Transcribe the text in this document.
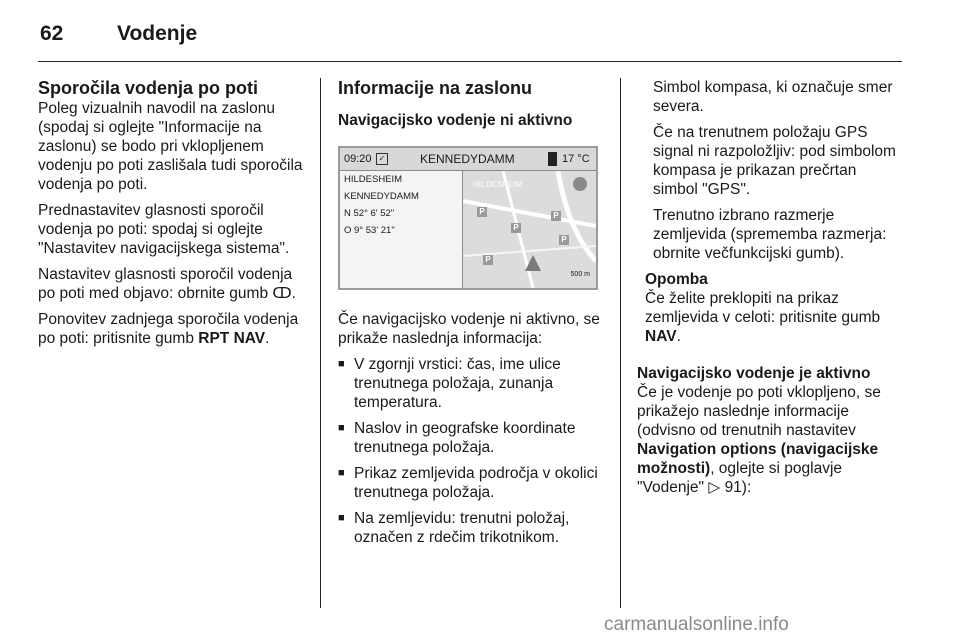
62	Vodenje
Sporočila vodenja po poti

Poleg vizualnih navodil na zaslonu (spodaj si oglejte "Informacije na zaslonu) se bodo pri vklopljenem vodenju po poti zaslišala tudi sporočila vodenja po poti.

Prednastavitev glasnosti sporočil vodenja po poti: spodaj si oglejte "Nastavitev navigacijskega sistema".

Nastavitev glasnosti sporočil vodenja po poti med objavo: obrnite gumb ↀ.

Ponovitev zadnjega sporočila vodenja po poti: pritisnite gumb RPT NAV.

Informacije na zaslonu
Navigacijsko vodenje ni aktivno
09:20 ✓	KENNEDYDAMM	17 °C
HILDESHEIM
KENNEDYDAMM
N 52° 6' 52"
O 9° 53' 21"
HILDESHEIM
P
P
P
P
P
500 m

Če navigacijsko vodenje ni aktivno, se prikaže naslednja informacija:

■ V zgornji vrstici: čas, ime ulice trenutnega položaja, zunanja temperatura.
■ Naslov in geografske koordinate trenutnega položaja.
■ Prikaz zemljevida področja v okolici trenutnega položaja.
■ Na zemljevidu: trenutni položaj, označen z rdečim trikotnikom.

Simbol kompasa, ki označuje smer severa.

Če na trenutnem položaju GPS signal ni razpoložljiv: pod simbolom kompasa je prikazan prečrtan simbol "GPS".

Trenutno izbrano razmerje zemljevida (sprememba razmerja: obrnite večfunkcijski gumb).

Opomba
Če želite preklopiti na prikaz zemljevida v celoti: pritisnite gumb NAV.
Navigacijsko vodenje je aktivno

Če je vodenje po poti vklopljeno, se prikažejo naslednje informacije (odvisno od trenutnih nastavitev Navigation options (navigacijske možnosti), oglejte si poglavje "Vodenje" ▷ 91):

carmanualsonline.info
